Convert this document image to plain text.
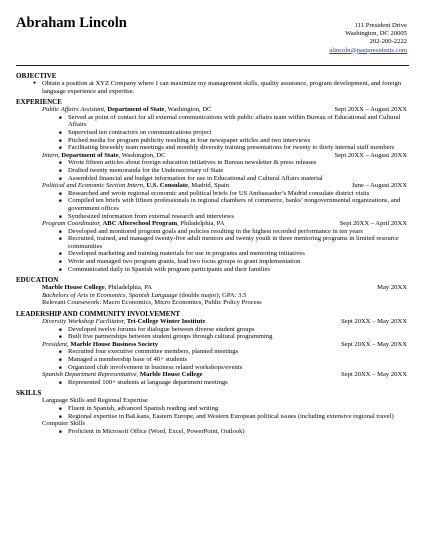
Abraham Lincoln	111 President Drive
Washington, DC 20005
202-200-2222
alincoln@pastpresidents.com
OBJECTIVE
● Obtain a position at XYZ Company where I can maximize my management skills, quality assurance, program development, and foreign language experience and expertise.
EXPERIENCE
Public Affairs Assistant, Department of State, Washington, DC	Sept 20XX – August 20XX
■ Served as point of contact for all external communications with public affairs team within Bureau of Educational and Cultural Affairs
■ Supervised ten contractors on communications project
■ Pitched media for program publicity resulting in four newspaper articles and two interviews
■ Facilitating biweekly team meetings and monthly diversity training presentations for twenty to thirty internal staff members
Intern, Department of State, Washington, DC	Sept 20XX – August 20XX
■ Wrote fifteen articles about foreign education initiatives in Bureau newsletter & press releases
■ Drafted twenty memoranda for the Undersecretary of State
■ Assembled financial and budget information for use in Educational and Cultural Affairs material
Political and Economic Section Intern, U.S. Consulate, Madrid, Spain	June – August 20XX
■ Researched and wrote regional economic and political briefs for US Ambassador’s Madrid consulate district visits
■ Compiled ten briefs with fifteen professionals in regional chambers of commerce, banks’ nongovernmental organizations, and government offices
■ Synthesized information from external research and interviews
Program Coordinator, ABC Afterschool Program, Philadelphia, PA	Sept 20XX – April 20XX
■ Developed and monitored program goals and policies resulting in the highest recorded performance in ten years
■ Recruited, trained, and managed twenty-five adult mentors and twenty youth in three mentoring programs in limited resource communities
■ Developed marketing and training materials for use in programs and mentoring initiatives
■ Wrote and managed two program grants, lead two focus groups to grant implementation
■ Communicated daily in Spanish with program participants and their families
EDUCATION
Marble House College, Philadelphia, PA	May 20XX
Bachelors of Arts in Economics, Spanish Language (double major); GPA: 3.5
Relevant Coursework: Macro Economics, Micro Economics, Public Policy Process
LEADERSHIP AND COMMUNITY INVOLVEMENT
Diversity Workshop Facilitator, Tri-College Winter Institute	Sept 20XX – May 20XX
■ Developed twelve forums for dialogue between diverse student groups
■ Built five partnerships between student groups through cultural programming
President, Marble House Business Society	Sept 20XX – May 20XX
■ Recruited four executive committee members, planned meetings
■ Managed a membership base of 40+ students
■ Organized club involvement in business related workshops/events
Spanish Department Representative, Marble House College	Sept 20XX – May 20XX
■ Represented 100+ students at language department meetings
SKILLS
Language Skills and Regional Expertise
■ Fluent in Spanish, advanced Spanish reading and writing
■ Regional expertise in BaLkans, Eastern Europe, and Western European political issues (including extensive regional travel)
Computer Skills
■ Proficient in Microsoft Office (Word, Excel, PowerPoint, Outlook)
